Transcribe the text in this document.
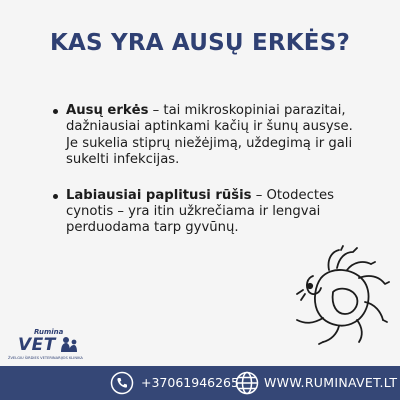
KAS YRA AUSŲ ERKĖS?
Ausų erkės – tai mikroskopiniai parazitai, dažniausiai aptinkami kačių ir šunų ausyse. Je sukelia stiprų niežėjimą, uždegimą ir gali sukelti infekcijas.
Labiausiai paplitusi rūšis – Otodectes cynotis – yra itin užkrečiama ir lengvai perduodama tarp gyvūnų.
Rumina
VET
ŽVELGIU ŠIRDIES VETERINARIJOS KLINIKA
+37061946265 WWW.RUMINAVET.LT
